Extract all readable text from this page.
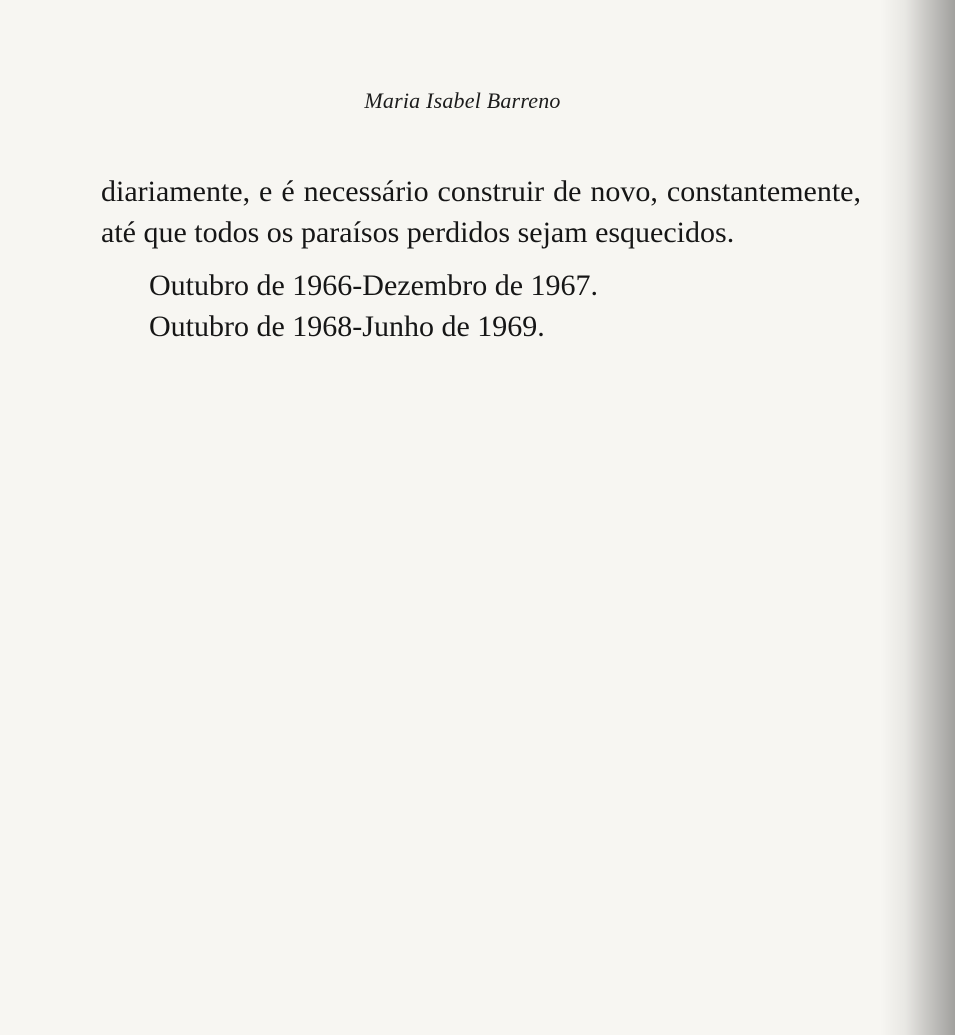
Maria Isabel Barreno

diariamente, e é necessário construir de novo, constantemente, até que todos os paraísos perdidos sejam esquecidos.

Outubro de 1966-Dezembro de 1967.
Outubro de 1968-Junho de 1969.
